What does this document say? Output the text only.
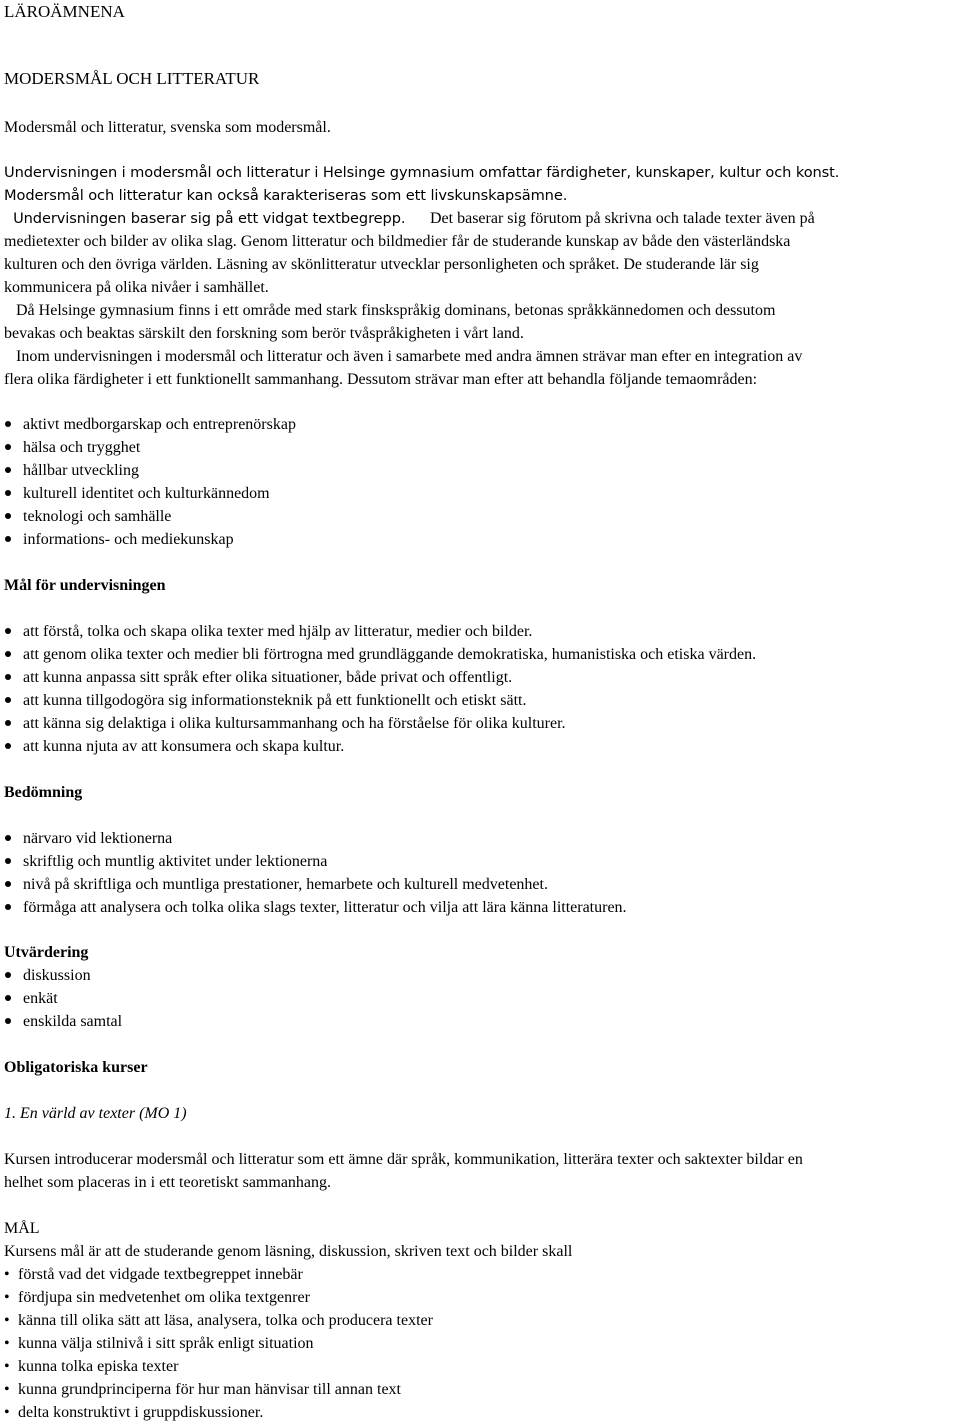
LÄROÄMNENA
MODERSMÅL OCH LITTERATUR
Modersmål och litteratur, svenska som modersmål.
Undervisningen i modersmål och litteratur i Helsinge gymnasium omfattar färdigheter, kunskaper, kultur och konst.
Modersmål och litteratur kan också karakteriseras som ett livskunskapsämne.
Undervisningen baserar sig på ett vidgat textbegrepp. Det baserar sig förutom på skrivna och talade texter även på
medietexter och bilder av olika slag. Genom litteratur och bildmedier får de studerande kunskap av både den västerländska
kulturen och den övriga världen. Läsning av skönlitteratur utvecklar personligheten och språket. De studerande lär sig
kommunicera på olika nivåer i samhället.
Då Helsinge gymnasium finns i ett område med stark finskspråkig dominans, betonas språkkännedomen och dessutom
bevakas och beaktas särskilt den forskning som berör tvåspråkigheten i vårt land.
Inom undervisningen i modersmål och litteratur och även i samarbete med andra ämnen strävar man efter en integration av
flera olika färdigheter i ett funktionellt sammanhang. Dessutom strävar man efter att behandla följande temaområden:
aktivt medborgarskap och entreprenörskap
hälsa och trygghet
hållbar utveckling
kulturell identitet och kulturkännedom
teknologi och samhälle
informations- och mediekunskap
Mål för undervisningen
att förstå, tolka och skapa olika texter med hjälp av litteratur, medier och bilder.
att genom olika texter och medier bli förtrogna med grundläggande demokratiska, humanistiska och etiska värden.
att kunna anpassa sitt språk efter olika situationer, både privat och offentligt.
att kunna tillgodogöra sig informationsteknik på ett funktionellt och etiskt sätt.
att känna sig delaktiga i olika kultursammanhang och ha förståelse för olika kulturer.
att kunna njuta av att konsumera och skapa kultur.
Bedömning
närvaro vid lektionerna
skriftlig och muntlig aktivitet under lektionerna
nivå på skriftliga och muntliga prestationer, hemarbete och kulturell medvetenhet.
förmåga att analysera och tolka olika slags texter, litteratur och vilja att lära känna litteraturen.
Utvärdering
diskussion
enkät
enskilda samtal
Obligatoriska kurser
1. En värld av texter (MO 1)
Kursen introducerar modersmål och litteratur som ett ämne där språk, kommunikation, litterära texter och saktexter bildar en
helhet som placeras in i ett teoretiskt sammanhang.
MÅL
Kursens mål är att de studerande genom läsning, diskussion, skriven text och bilder skall
• förstå vad det vidgade textbegreppet innebär
• fördjupa sin medvetenhet om olika textgenrer
• känna till olika sätt att läsa, analysera, tolka och producera texter
• kunna välja stilnivå i sitt språk enligt situation
• kunna tolka episka texter
• kunna grundprinciperna för hur man hänvisar till annan text
• delta konstruktivt i gruppdiskussioner.
